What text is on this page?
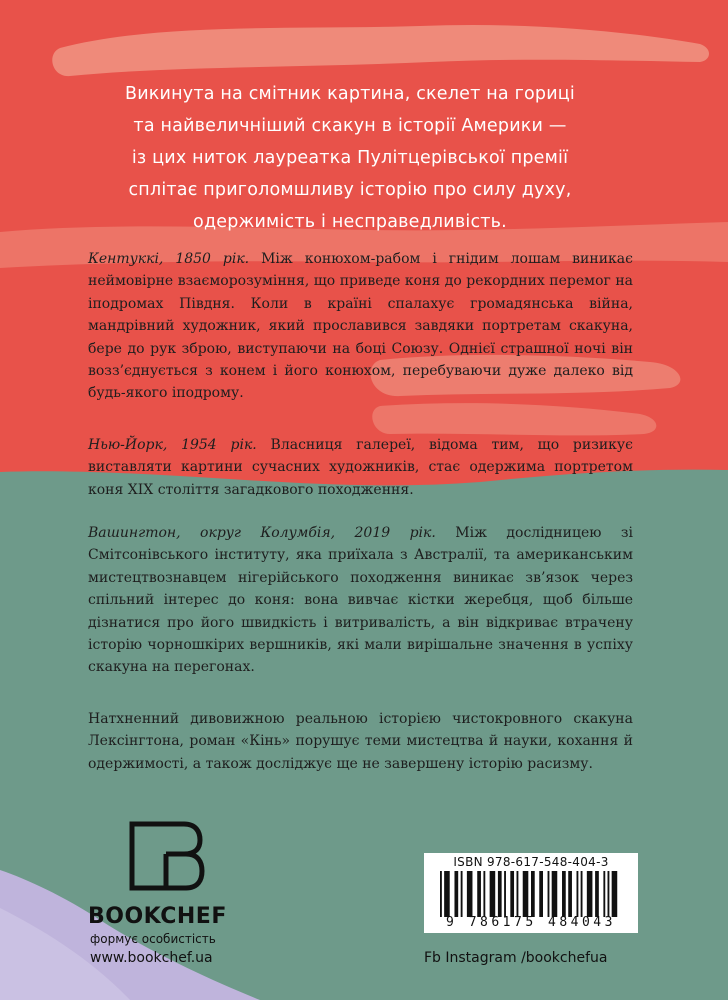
Викинута на смітник картина, скелет на гориці
та найвеличніший скакун в історії Америки —
із цих ниток лауреатка Пулітцерівської премії
сплітає приголомшливу історію про силу духу,
одержимість і несправедливість.
Кентуккі, 1850 рік. Між конюхом-рабом і гнідим лошам виникає неймовірне взаєморозуміння, що приведе коня до рекордних перемог на іподромах Півдня. Коли в країні спалахує громадянська війна, мандрівний художник, який прославився завдяки портретам скакуна, бере до рук зброю, виступаючи на боці Союзу. Однієї страшної ночі він возз’єднується з конем і його конюхом, перебуваючи дуже далеко від будь-якого іподрому.
Нью-Йорк, 1954 рік. Власниця галереї, відома тим, що ризикує виставляти картини сучасних художників, стає одержима портретом коня XIX століття загадкового походження.
Вашингтон, округ Колумбія, 2019 рік. Між дослідницею зі Смітсонівського інституту, яка приїхала з Австралії, та американським мистецтвознавцем нігерійського походження виникає зв’язок через спільний інтерес до коня: вона вивчає кістки жеребця, щоб більше дізнатися про його швидкість і витривалість, а він відкриває втрачену історію чорношкірих вершників, які мали вирішальне значення в успіху скакуна на перегонах.
Натхненний дивовижною реальною історією чистокровного скакуна Лексінгтона, роман «Кінь» порушує теми мистецтва й науки, кохання й одержимості, а також досліджує ще не завершену історію расизму.
BOOKCHEF
формує особистість
ISBN 978-617-548-404-3
9 786175 484043
www.bookchef.ua	Fb Instagram /bookchefua
